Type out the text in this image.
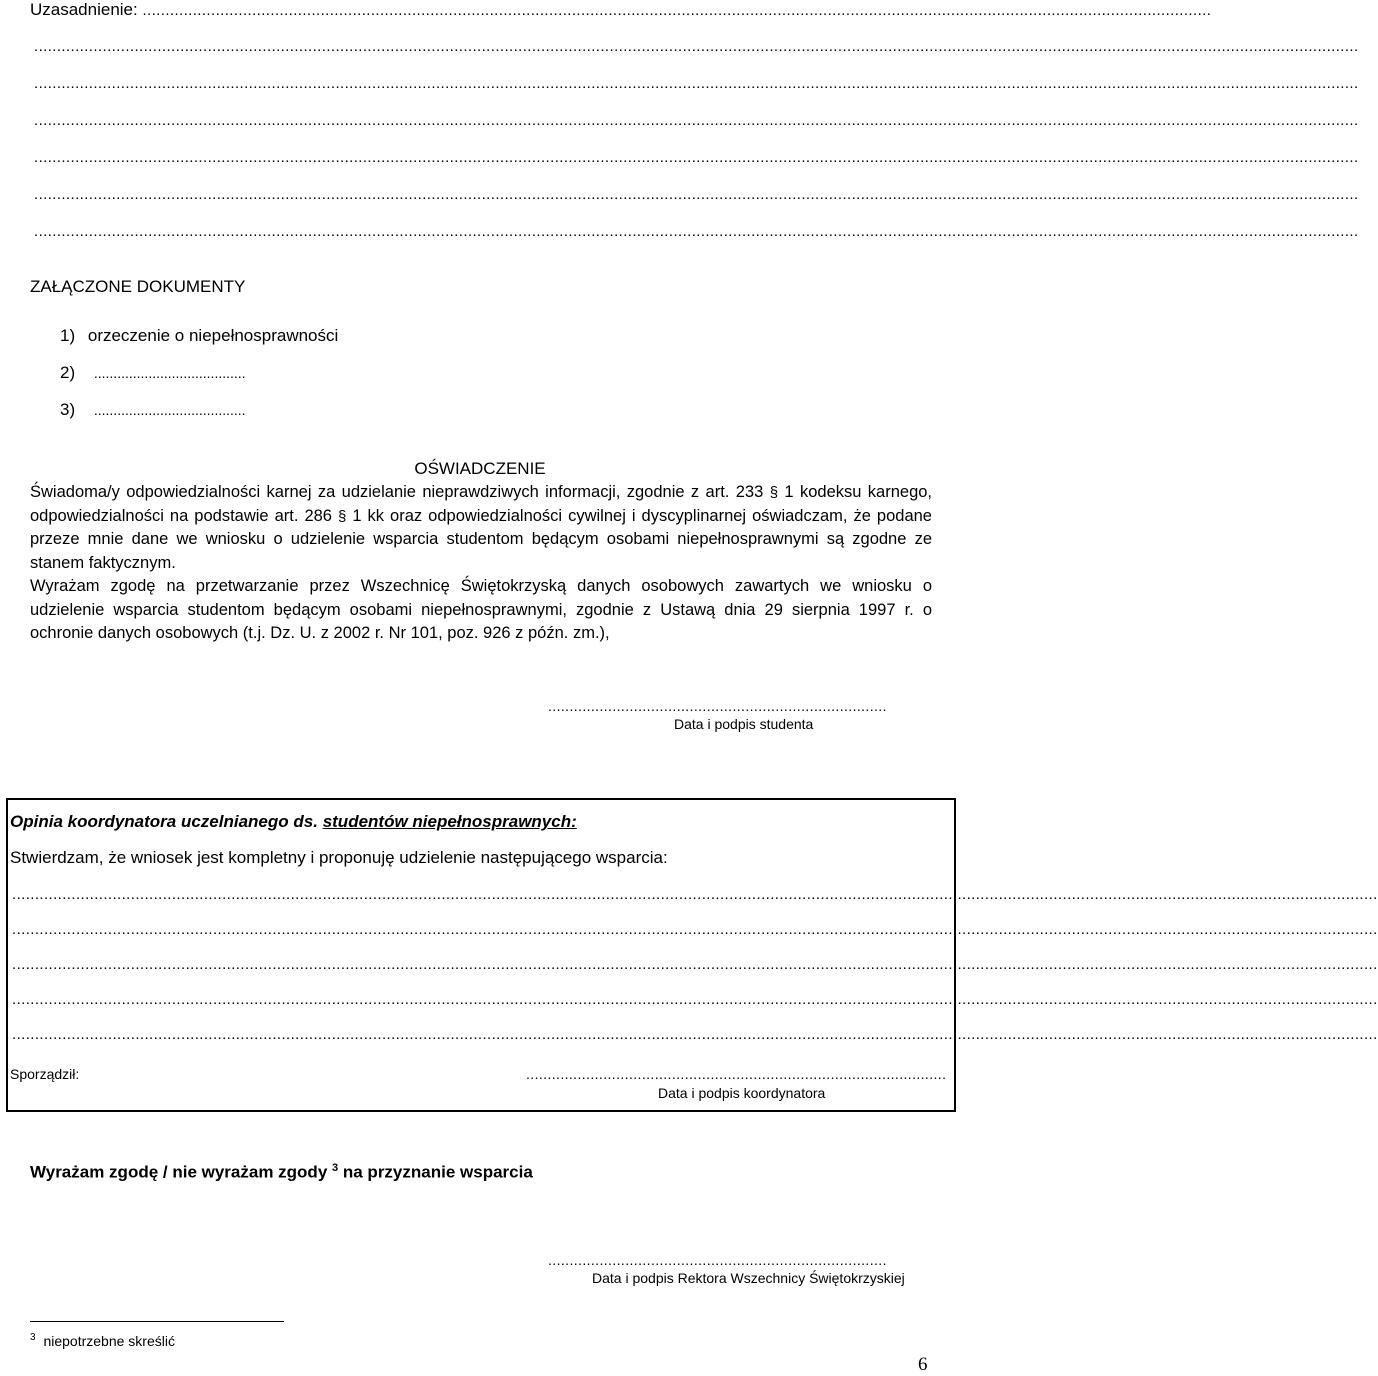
Uzasadnienie: ..........................................................................................................................................................................................................................................
..................................................................................................................................................................................................................................................................................................
..................................................................................................................................................................................................................................................................................................
..................................................................................................................................................................................................................................................................................................
..................................................................................................................................................................................................................................................................................................
..................................................................................................................................................................................................................................................................................................
..................................................................................................................................................................................................................................................................................................
ZAŁĄCZONE DOKUMENTY
1) orzeczenie o niepełnosprawności
2) .......................................
3) .......................................
OŚWIADCZENIE

Świadoma/y odpowiedzialności karnej za udzielanie nieprawdziwych informacji, zgodnie z art. 233 § 1 kodeksu karnego, odpowiedzialności na podstawie art. 286 § 1 kk oraz odpowiedzialności cywilnej i dyscyplinarnej oświadczam, że podane przeze mnie dane we wniosku o udzielenie wsparcia studentom będącym osobami niepełnosprawnymi są zgodne ze stanem faktycznym.

Wyrażam zgodę na przetwarzanie przez Wszechnicę Świętokrzyską danych osobowych zawartych we wniosku o udzielenie wsparcia studentom będącym osobami niepełnosprawnymi, zgodnie z Ustawą dnia 29 sierpnia 1997 r. o ochronie danych osobowych (t.j. Dz. U. z 2002 r. Nr 101, poz. 926 z późn. zm.),

...............................................................................
Data i podpis studenta
Opinia koordynatora uczelnianego ds. studentów niepełnosprawnych:
Stwierdzam, że wniosek jest kompletny i proponuję udzielenie następującego wsparcia:
...........................................................................................................................................................................................................................................................................................................
...........................................................................................................................................................................................................................................................................................................
...........................................................................................................................................................................................................................................................................................................
...........................................................................................................................................................................................................................................................................................................
...........................................................................................................................................................................................................................................................................................................
Sporządził:	..................................................................................................
Data i podpis koordynatora
Wyrażam zgodę / nie wyrażam zgody $^3$ na przyznanie wsparcia
...............................................................................
Data i podpis Rektora Wszechnicy Świętokrzyskiej
$^3$ niepotrzebne skreślić
6
